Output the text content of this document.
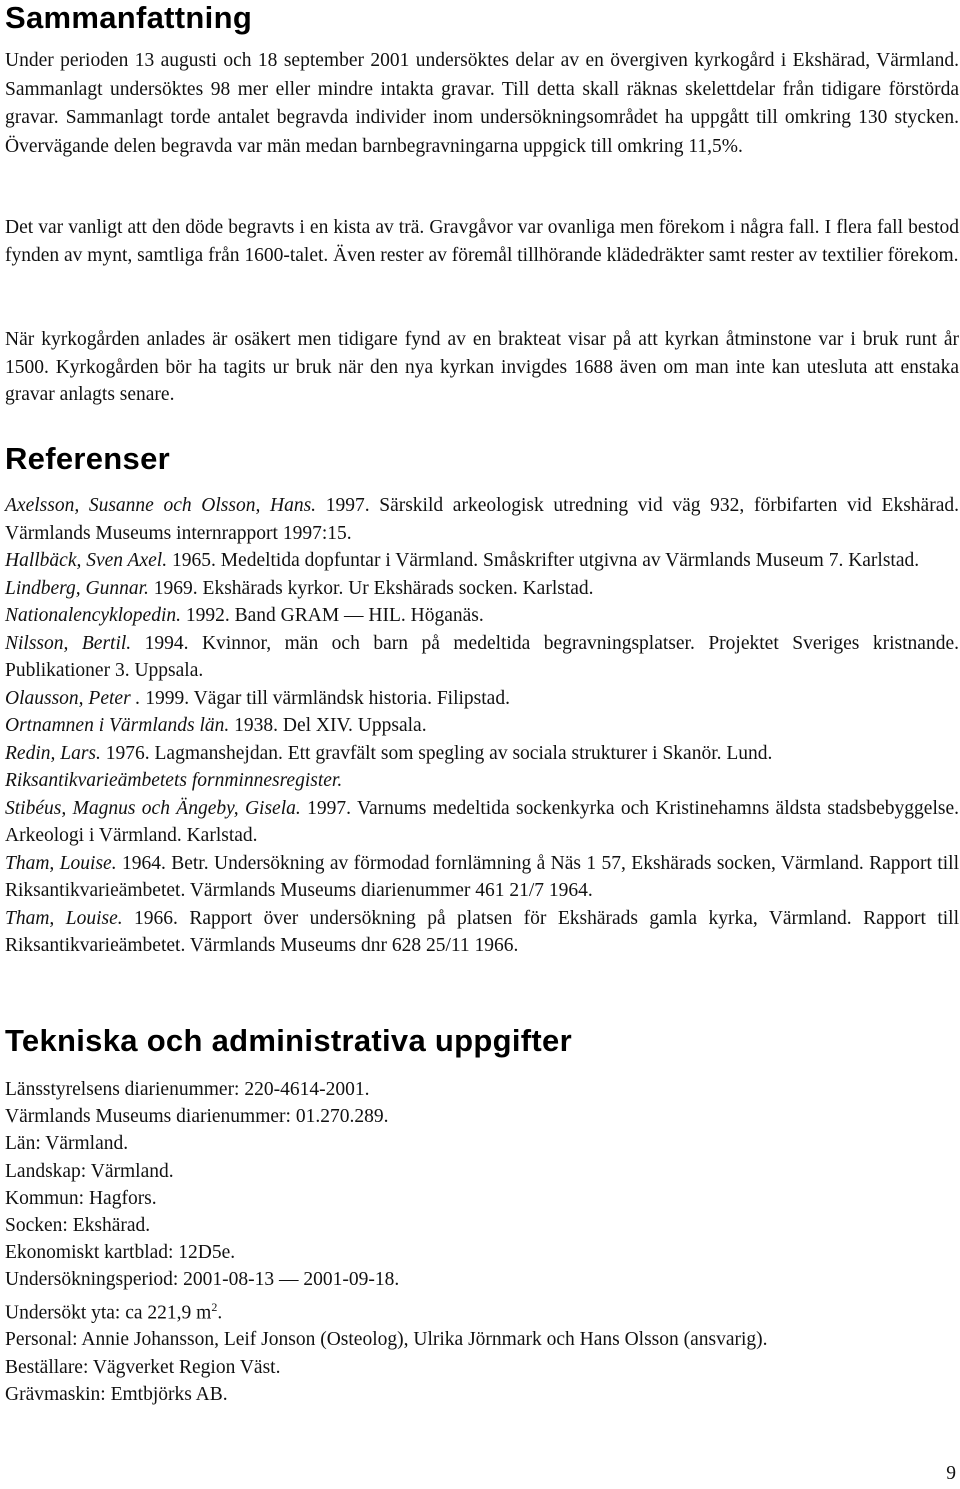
Sammanfattning

Under perioden 13 augusti och 18 september 2001 undersöktes delar av en övergiven kyrkogård i Ekshärad, Värmland. Sammanlagt undersöktes 98 mer eller mindre intakta gravar. Till detta skall räknas skelettdelar från tidigare förstörda gravar. Sammanlagt torde antalet begravda individer inom undersökningsområdet ha uppgått till omkring 130 stycken. Övervägande delen begravda var män medan barnbegravningarna uppgick till omkring 11,5%.

Det var vanligt att den döde begravts i en kista av trä. Gravgåvor var ovanliga men förekom i några fall. I flera fall bestod fynden av mynt, samtliga från 1600-talet. Även rester av föremål tillhörande klädedräkter samt rester av textilier förekom.

När kyrkogården anlades är osäkert men tidigare fynd av en brakteat visar på att kyrkan åtminstone var i bruk runt år 1500. Kyrkogården bör ha tagits ur bruk när den nya kyrkan invigdes 1688 även om man inte kan utesluta att enstaka gravar anlagts senare.

Referenser
Axelsson, Susanne och Olsson, Hans. 1997. Särskild arkeologisk utredning vid väg 932, förbifarten vid Ekshärad. Värmlands Museums internrapport 1997:15.
Hallbäck, Sven Axel. 1965. Medeltida dopfuntar i Värmland. Småskrifter utgivna av Värmlands Museum 7. Karlstad.
Lindberg, Gunnar. 1969. Ekshärads kyrkor. Ur Ekshärads socken. Karlstad.
Nationalencyklopedin. 1992. Band GRAM — HIL. Höganäs.
Nilsson, Bertil. 1994. Kvinnor, män och barn på medeltida begravningsplatser. Projektet Sveriges kristnande. Publikationer 3. Uppsala.
Olausson, Peter . 1999. Vägar till värmländsk historia. Filipstad.
Ortnamnen i Värmlands län. 1938. Del XIV. Uppsala.
Redin, Lars. 1976. Lagmanshejdan. Ett gravfält som spegling av sociala strukturer i Skanör. Lund.
Riksantikvarieämbetets fornminnesregister.
Stibéus, Magnus och Ängeby, Gisela. 1997. Varnums medeltida sockenkyrka och Kristinehamns äldsta stadsbebyggelse. Arkeologi i Värmland. Karlstad.
Tham, Louise. 1964. Betr. Undersökning av förmodad fornlämning å Näs 1 57, Ekshärads socken, Värmland. Rapport till Riksantikvarieämbetet. Värmlands Museums diarienummer 461 21/7 1964.
Tham, Louise. 1966. Rapport över undersökning på platsen för Ekshärads gamla kyrka, Värmland. Rapport till Riksantikvarieämbetet. Värmlands Museums dnr 628 25/11 1966.
Tekniska och administrativa uppgifter
Länsstyrelsens diarienummer: 220-4614-2001.
Värmlands Museums diarienummer: 01.270.289.
Län: Värmland.
Landskap: Värmland.
Kommun: Hagfors.
Socken: Ekshärad.
Ekonomiskt kartblad: 12D5e.
Undersökningsperiod: 2001-08-13 — 2001-09-18.
Undersökt yta: ca 221,9 $m^2$.
Personal: Annie Johansson, Leif Jonson (Osteolog), Ulrika Jörnmark och Hans Olsson (ansvarig).
Beställare: Vägverket Region Väst.
Grävmaskin: Emtbjörks AB.
9
